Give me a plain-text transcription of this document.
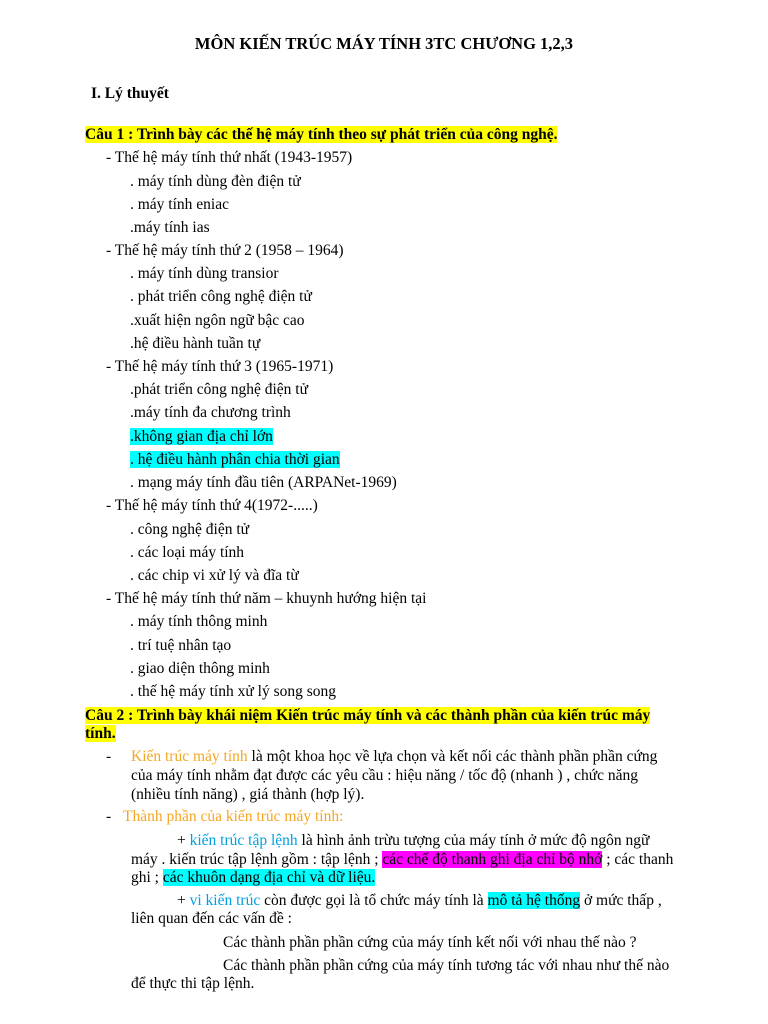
MÔN KIẾN TRÚC MÁY TÍNH 3TC CHƯƠNG 1,2,3
I. Lý thuyết
Câu 1 : Trình bày các thế hệ máy tính theo sự phát triển của công nghệ.
- Thế hệ máy tính thứ nhất (1943-1957)
. máy tính dùng đèn điện tử
. máy tính eniac
.máy tính ias
- Thế hệ máy tính thứ 2 (1958 – 1964)
. máy tính dùng transior
. phát triển công nghệ điện tử
.xuất hiện ngôn ngữ bậc cao
.hệ điều hành tuần tự
- Thế hệ máy tính thứ 3 (1965-1971)
.phát triển công nghệ điện tử
.máy tính đa chương trình
.không gian địa chỉ lớn
. hệ điều hành phân chia thời gian
. mạng máy tính đầu tiên (ARPANet-1969)
- Thế hệ máy tính thứ 4(1972-.....)
. công nghệ điện tử
. các loại máy tính
. các chip vi xử lý và đĩa từ
- Thế hệ máy tính thứ năm – khuynh hướng hiện tại
. máy tính thông minh
. trí tuệ nhân tạo
. giao diện thông minh
. thế hệ máy tính xử lý song song
Câu 2 : Trình bày khái niệm Kiến trúc máy tính và các thành phần của kiến trúc máy
tính.
- Kiến trúc máy tính là một khoa học về lựa chọn và kết nối các thành phần phần cứng
của máy tính nhằm đạt được các yêu cầu : hiệu năng / tốc độ (nhanh ) , chức năng
(nhiều tính năng) , giá thành (hợp lý).
- Thành phần của kiến trúc máy tính:
+ kiến trúc tập lệnh là hình ảnh trừu tượng của máy tính ở mức độ ngôn ngữ
máy . kiến trúc tập lệnh gồm : tập lệnh ; các chế độ thanh ghi địa chỉ bộ nhớ ; các thanh
ghi ; các khuôn dạng địa chỉ và dữ liệu.
+ vi kiến trúc còn được gọi là tổ chức máy tính là mô tả hệ thống ở mức thấp ,
liên quan đến các vấn đề :
Các thành phần phần cứng của máy tính kết nối với nhau thế nào ?
Các thành phần phần cứng của máy tính tương tác với nhau như thế nào
để thực thi tập lệnh.
